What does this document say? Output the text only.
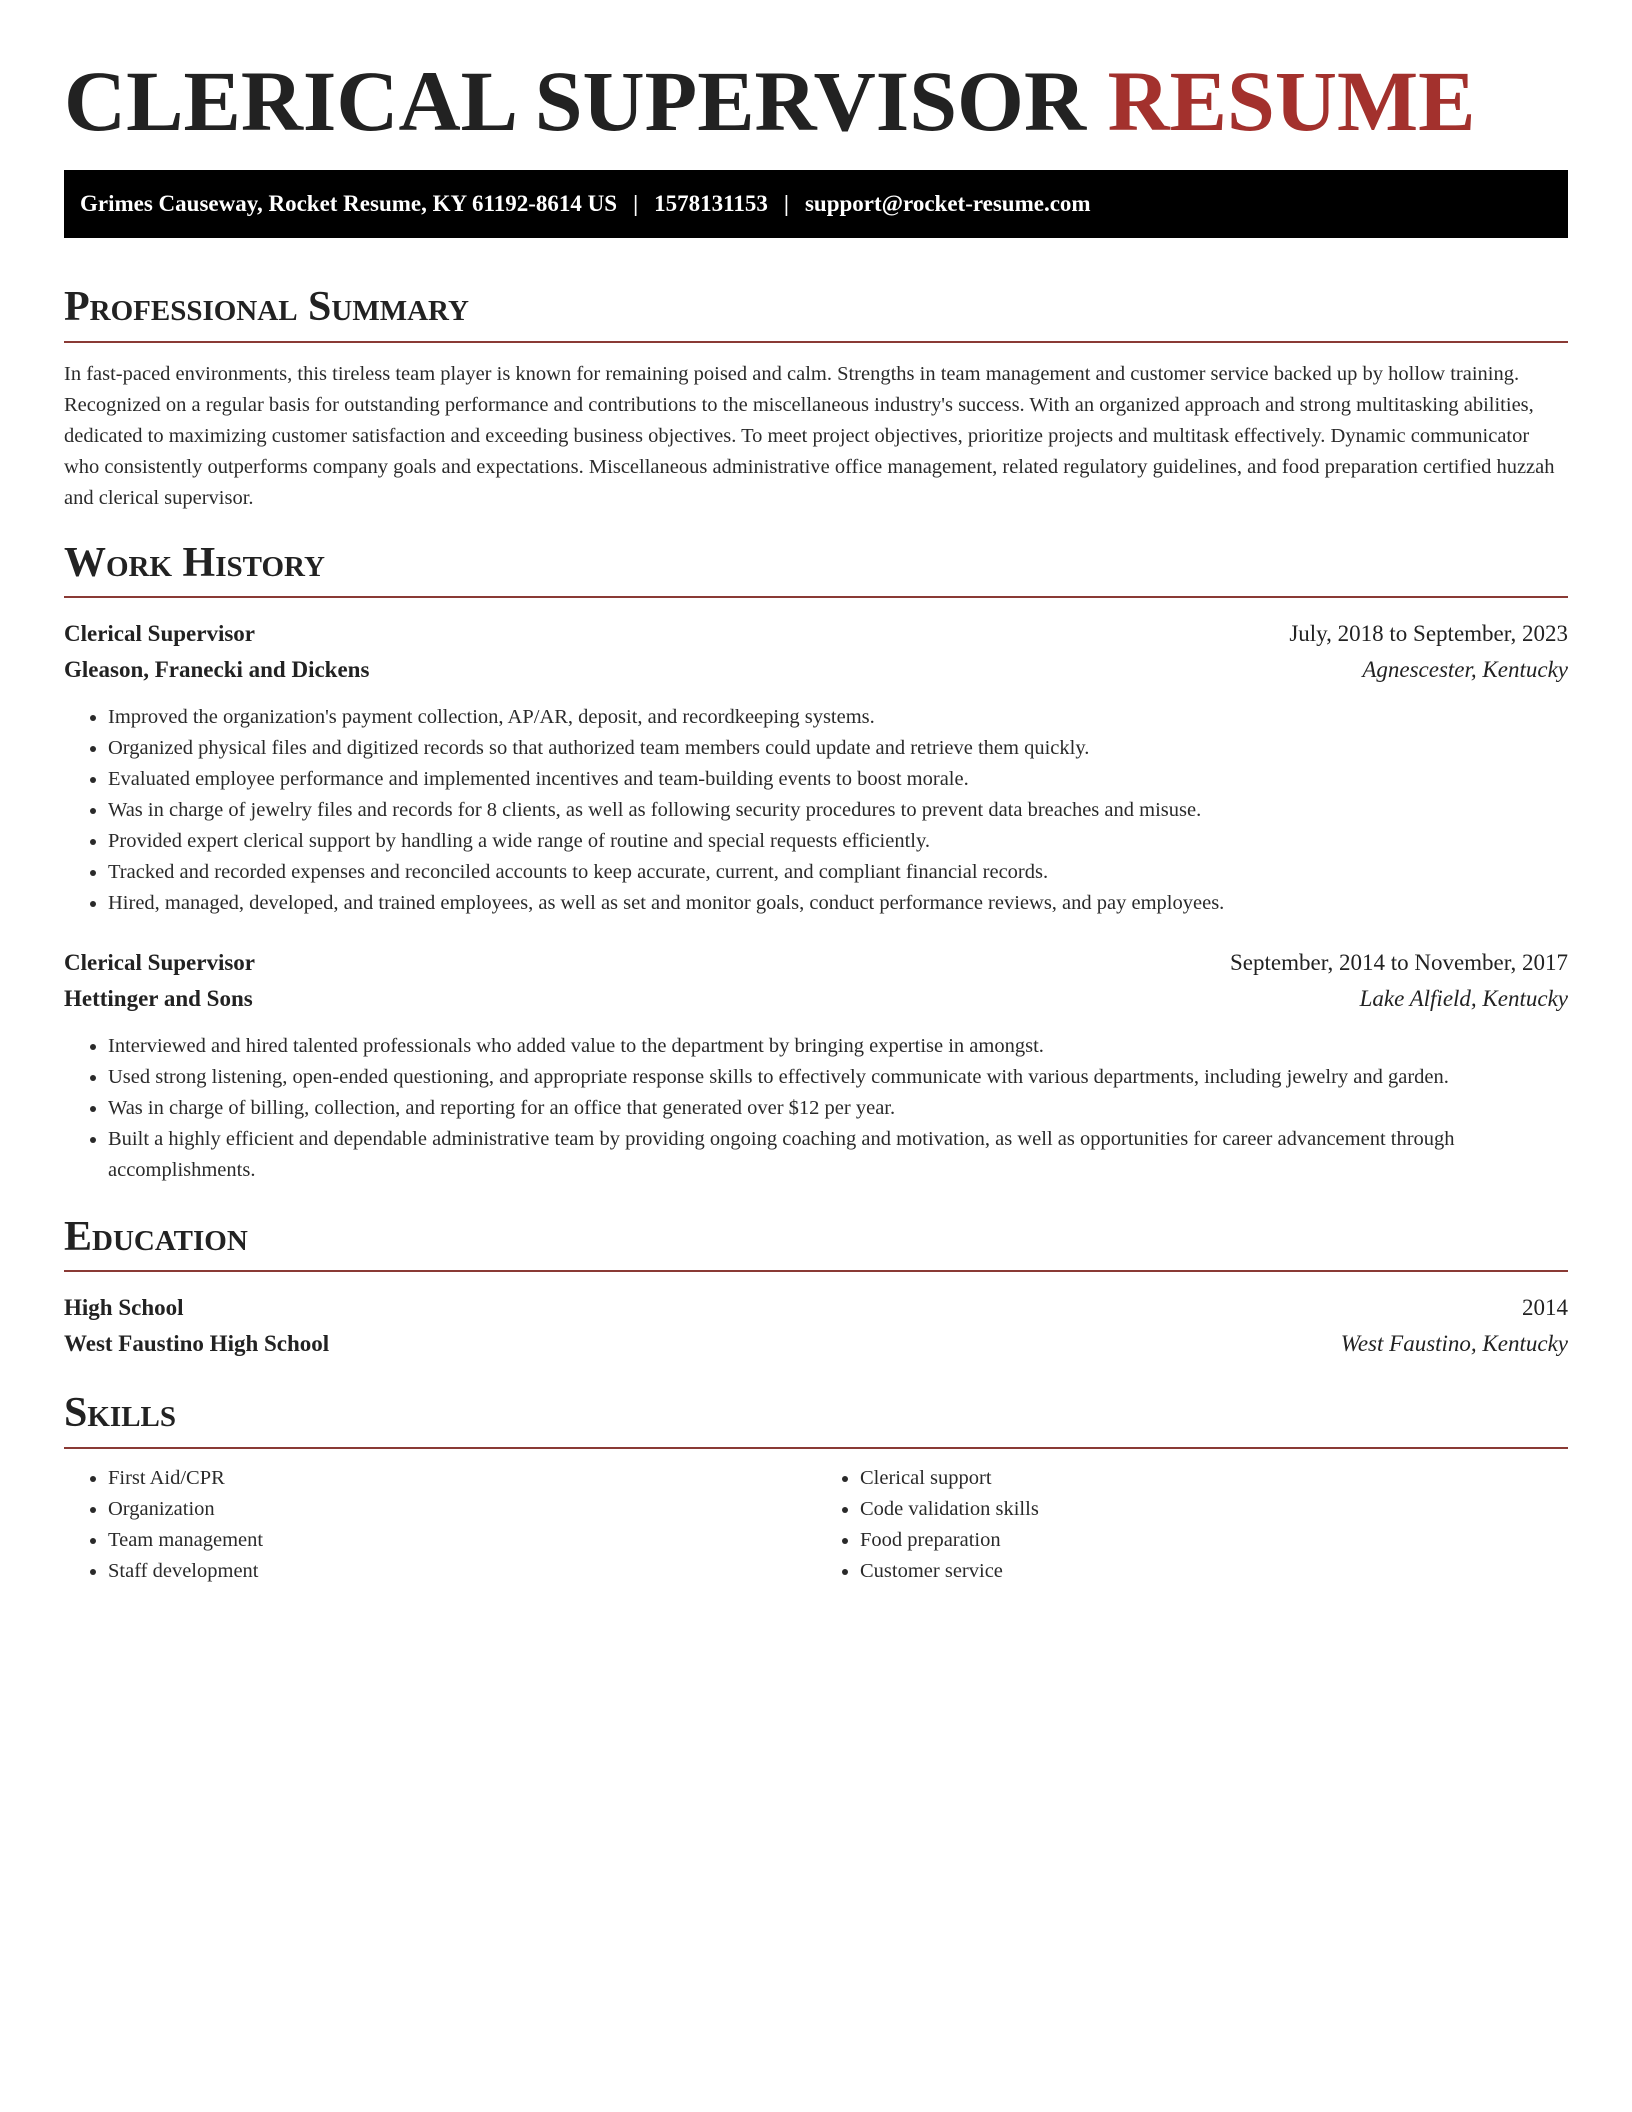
CLERICAL SUPERVISOR RESUME
Grimes Causeway, Rocket Resume, KY 61192-8614 US | 1578131153 | support@rocket-resume.com
Professional Summary

In fast-paced environments, this tireless team player is known for remaining poised and calm. Strengths in team management and customer service backed up by hollow training. Recognized on a regular basis for outstanding performance and contributions to the miscellaneous industry's success. With an organized approach and strong multitasking abilities, dedicated to maximizing customer satisfaction and exceeding business objectives. To meet project objectives, prioritize projects and multitask effectively. Dynamic communicator who consistently outperforms company goals and expectations. Miscellaneous administrative office management, related regulatory guidelines, and food preparation certified huzzah and clerical supervisor.

Work History
Clerical Supervisor	July, 2018 to September, 2023
Gleason, Franecki and Dickens	Agnescester, Kentucky
• Improved the organization's payment collection, AP/AR, deposit, and recordkeeping systems.
• Organized physical files and digitized records so that authorized team members could update and retrieve them quickly.
• Evaluated employee performance and implemented incentives and team-building events to boost morale.
• Was in charge of jewelry files and records for 8 clients, as well as following security procedures to prevent data breaches and misuse.
• Provided expert clerical support by handling a wide range of routine and special requests efficiently.
• Tracked and recorded expenses and reconciled accounts to keep accurate, current, and compliant financial records.
• Hired, managed, developed, and trained employees, as well as set and monitor goals, conduct performance reviews, and pay employees.
Clerical Supervisor	September, 2014 to November, 2017
Hettinger and Sons	Lake Alfield, Kentucky
• Interviewed and hired talented professionals who added value to the department by bringing expertise in amongst.
• Used strong listening, open-ended questioning, and appropriate response skills to effectively communicate with various departments, including jewelry and garden.
• Was in charge of billing, collection, and reporting for an office that generated over $12 per year.
• Built a highly efficient and dependable administrative team by providing ongoing coaching and motivation, as well as opportunities for career advancement through accomplishments.
Education
High School	2014
West Faustino High School	West Faustino, Kentucky
Skills
• First Aid/CPR
• Organization
• Team management
• Staff development
• Clerical support
• Code validation skills
• Food preparation
• Customer service
